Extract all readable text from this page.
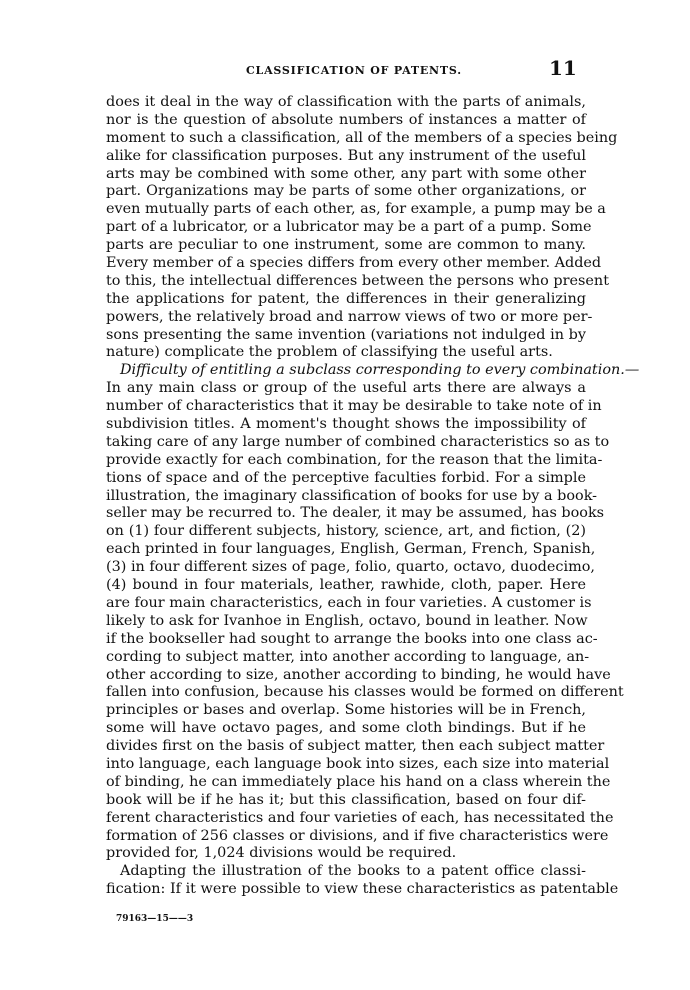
CLASSIFICATION OF PATENTS.	11
does it deal in the way of classification with the parts of animals,
nor is the question of absolute numbers of instances a matter of
moment to such a classification, all of the members of a species being
alike for classification purposes. But any instrument of the useful
arts may be combined with some other, any part with some other
part. Organizations may be parts of some other organizations, or
even mutually parts of each other, as, for example, a pump may be a
part of a lubricator, or a lubricator may be a part of a pump. Some
parts are peculiar to one instrument, some are common to many.
Every member of a species differs from every other member. Added
to this, the intellectual differences between the persons who present
the applications for patent, the differences in their generalizing
powers, the relatively broad and narrow views of two or more per-
sons presenting the same invention (variations not indulged in by
nature) complicate the problem of classifying the useful arts.
Difficulty of entitling a subclass corresponding to every combination.—
In any main class or group of the useful arts there are always a
number of characteristics that it may be desirable to take note of in
subdivision titles. A moment's thought shows the impossibility of
taking care of any large number of combined characteristics so as to
provide exactly for each combination, for the reason that the limita-
tions of space and of the perceptive faculties forbid. For a simple
illustration, the imaginary classification of books for use by a book-
seller may be recurred to. The dealer, it may be assumed, has books
on (1) four different subjects, history, science, art, and fiction, (2)
each printed in four languages, English, German, French, Spanish,
(3) in four different sizes of page, folio, quarto, octavo, duodecimo,
(4) bound in four materials, leather, rawhide, cloth, paper. Here
are four main characteristics, each in four varieties. A customer is
likely to ask for Ivanhoe in English, octavo, bound in leather. Now
if the bookseller had sought to arrange the books into one class ac-
cording to subject matter, into another according to language, an-
other according to size, another according to binding, he would have
fallen into confusion, because his classes would be formed on different
principles or bases and overlap. Some histories will be in French,
some will have octavo pages, and some cloth bindings. But if he
divides first on the basis of subject matter, then each subject matter
into language, each language book into sizes, each size into material
of binding, he can immediately place his hand on a class wherein the
book will be if he has it; but this classification, based on four dif-
ferent characteristics and four varieties of each, has necessitated the
formation of 256 classes or divisions, and if five characteristics were
provided for, 1,024 divisions would be required.
Adapting the illustration of the books to a patent office classi-
fication: If it were possible to view these characteristics as patentable
79163—15——3
